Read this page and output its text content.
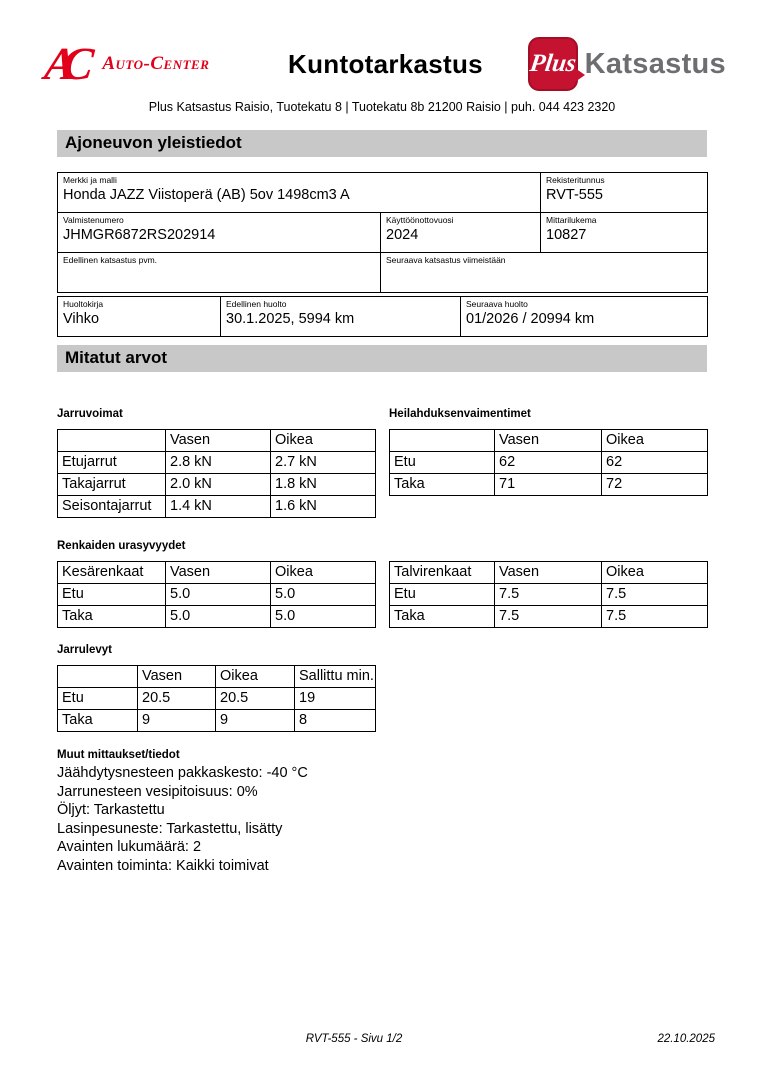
AC	Auto-Center	Kuntotarkastus	Plus Katsastus
Plus Katsastus Raisio, Tuotekatu 8 | Tuotekatu 8b 21200 Raisio | puh. 044 423 2320
Ajoneuvon yleistiedot
Merkki ja malli
Honda JAZZ Viistoperä (AB) 5ov 1498cm3 A

Rekisteritunnus
RVT-555

Valmistenumero
JHMGR6872RS202914

Käyttöönottovuosi
2024

Mittarilukema
10827

Edellinen katsastus pvm.	Seuraava katsastus viimeistään	
Huoltokirja
Vihko

Edellinen huolto
30.1.2025, 5994 km

Seuraava huolto
01/2026 / 20994 km
Mitatut arvot
Jarruvoimat
	Vasen	Oikea
Etujarrut	2.8 kN	2.7 kN
Takajarrut	2.0 kN	1.8 kN
Seisontajarrut	1.4 kN	1.6 kN
Heilahduksenvaimentimet
	Vasen	Oikea
Etu	62	62
Taka	71	72
Renkaiden urasyvyydet
Kesärenkaat	Vasen	Oikea
Etu	5.0	5.0
Taka	5.0	5.0
Talvirenkaat	Vasen	Oikea
Etu	7.5	7.5
Taka	7.5	7.5
Jarrulevyt
	Vasen	Oikea	Sallittu min.
Etu	20.5	20.5	19
Taka	9	9	8
Muut mittaukset/tiedot
Jäähdytysnesteen pakkaskesto: -40 °C
Jarrunesteen vesipitoisuus: 0%
Öljyt: Tarkastettu
Lasinpesuneste: Tarkastettu, lisätty
Avainten lukumäärä: 2
Avainten toiminta: Kaikki toimivat
RVT-555 - Sivu 1/2	22.10.2025
